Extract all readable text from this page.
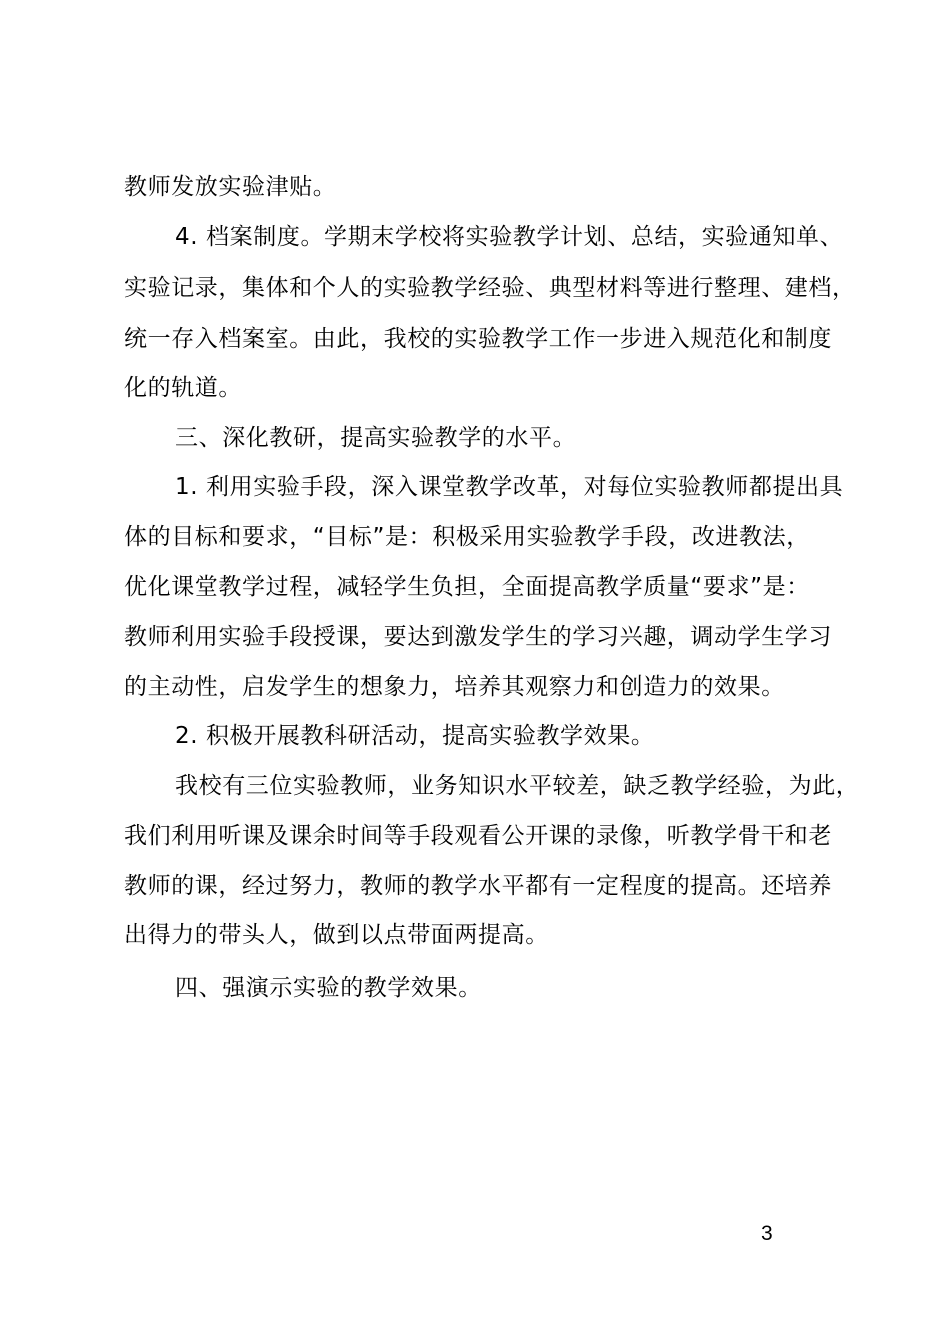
教师发放实验津贴。
4. 档案制度。学期末学校将实验教学计划、总结，实验通知单、
实验记录，集体和个人的实验教学经验、典型材料等进行整理、建档，
统一存入档案室。由此，我校的实验教学工作一步进入规范化和制度
化的轨道。
三、深化教研，提高实验教学的水平。
1. 利用实验手段，深入课堂教学改革，对每位实验教师都提出具
体的目标和要求，“目标”是：积极采用实验教学手段，改进教法，
优化课堂教学过程，减轻学生负担，全面提高教学质量“要求”是：
教师利用实验手段授课，要达到激发学生的学习兴趣，调动学生学习
的主动性，启发学生的想象力，培养其观察力和创造力的效果。
2. 积极开展教科研活动，提高实验教学效果。
我校有三位实验教师，业务知识水平较差，缺乏教学经验，为此，
我们利用听课及课余时间等手段观看公开课的录像，听教学骨干和老
教师的课，经过努力，教师的教学水平都有一定程度的提高。还培养
出得力的带头人，做到以点带面两提高。
四、强演示实验的教学效果。
3
